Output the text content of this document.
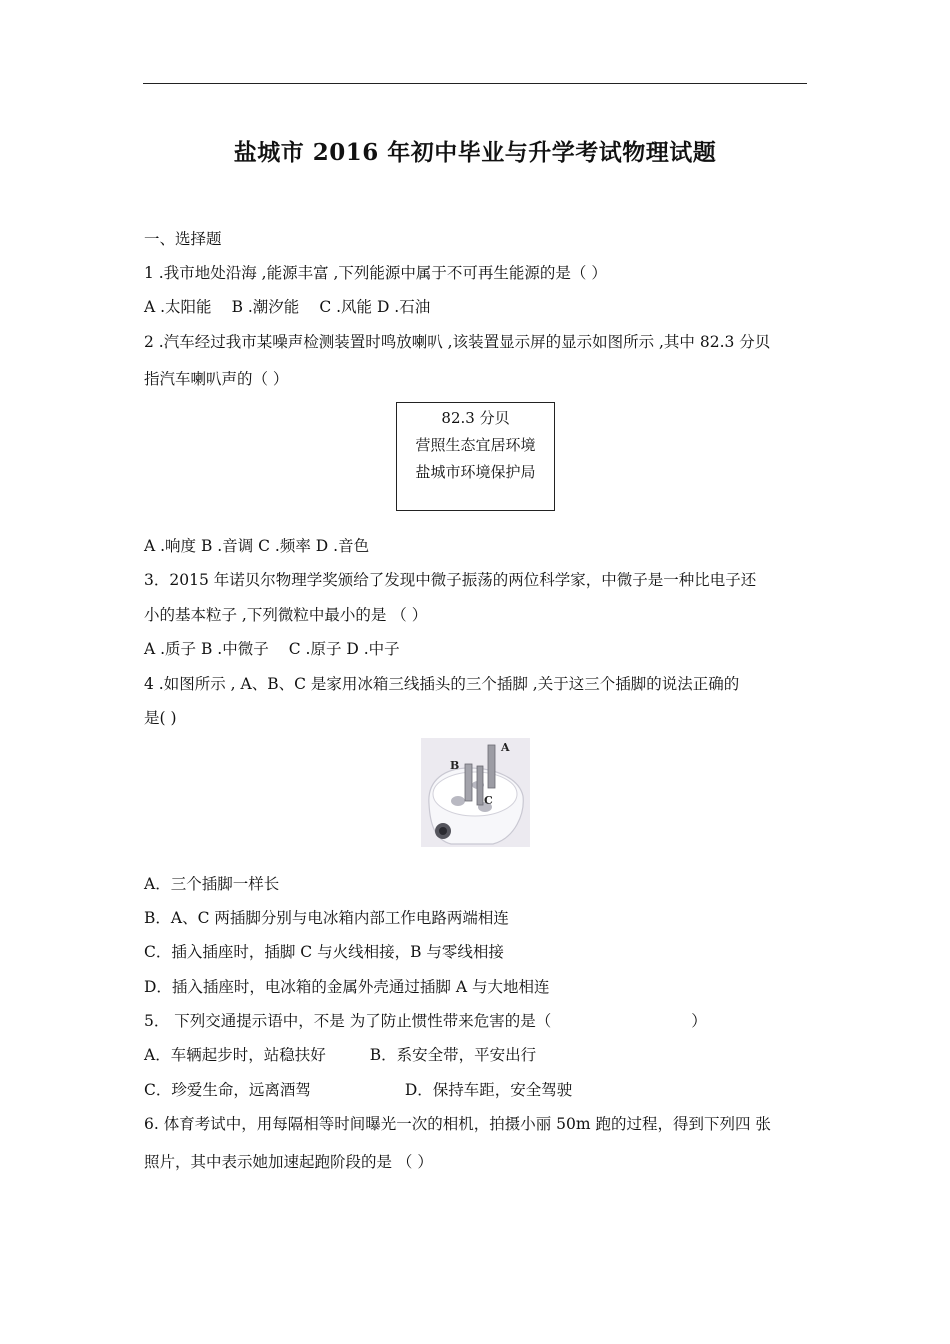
盐城市 2016 年初中毕业与升学考试物理试题
一、选择题
1 .我市地处沿海 ,能源丰富 ,下列能源中属于不可再生能源的是（ ）
A .太阳能 B .潮汐能 C .风能 D .石油
2 .汽车经过我市某噪声检测装置时鸣放喇叭 ,该装置显示屏的显示如图所示 ,其中 82.3 分贝
指汽车喇叭声的（ ）
82.3 分贝
营照生态宜居环境
盐城市环境保护局
A .响度 B .音调 C .频率 D .音色
3．2015 年诺贝尔物理学奖颁给了发现中微子振荡的两位科学家，中微子是一种比电子还
小的基本粒子 ,下列微粒中最小的是 （ ）
A .质子 B .中微子 C .原子 D .中子
4 .如图所示 , A、B、C 是家用冰箱三线插头的三个插脚 ,关于这三个插脚的说法正确的
是( )
A
B
C
A．三个插脚一样长
B．A、C 两插脚分别与电冰箱内部工作电路两端相连
C．插入插座时，插脚 C 与火线相接，B 与零线相接
D．插入插座时，电冰箱的金属外壳通过插脚 A 与大地相连
5． 下列交通提示语中，不是 为了防止惯性带来危害的是（	）
A．车辆起步时，站稳扶好	B．系安全带，平安出行
C．珍爱生命，远离酒驾	D．保持车距，安全驾驶
6. 体育考试中，用每隔相等时间曝光一次的相机，拍摄小丽 50m 跑的过程，得到下列四 张
照片，其中表示她加速起跑阶段的是 （ ）
